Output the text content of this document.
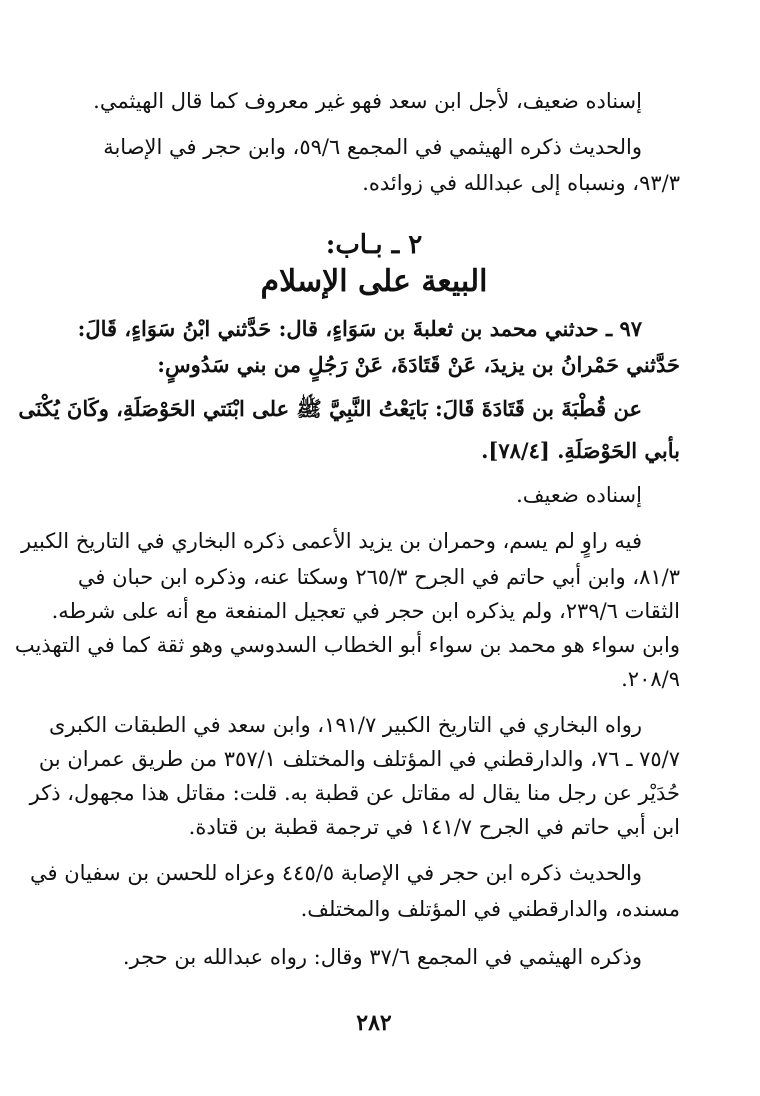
إسناده ضعيف، لأجل ابن سعد فهو غير معروف كما قال الهيثمي.
والحديث ذكره الهيثمي في المجمع ٥٩/٦، وابن حجر في الإصابة
٩٣/٣، ونسباه إلى عبدالله في زوائده.
٢ ـ بـاب:
البيعة على الإسلام
٩٧ ـ حدثني محمد بن ثعلبةَ بن سَوَاءٍ، قال: حَدَّثني ابْنُ سَوَاءٍ، قَالَ:
حَدَّثني حَمْرانُ بن يزيدَ، عَنْ قَتَادَةَ، عَنْ رَجُلٍ من بني سَدُوسٍ:
عن قُطْبَةَ بن قَتَادَةَ قَالَ: بَايَعْتُ النَّبِيَّ ﷺ على ابْنَتي الحَوْصَلَةِ، وكَانَ يُكْنَى
بأبي الحَوْصَلَةِ. [٧٨/٤].
إسناده ضعيف.
فيه راوٍ لم يسم، وحمران بن يزيد الأعمى ذكره البخاري في التاريخ الكبير
٨١/٣، وابن أبي حاتم في الجرح ٢٦٥/٣ وسكتا عنه، وذكره ابن حبان في
الثقات ٢٣٩/٦، ولم يذكره ابن حجر في تعجيل المنفعة مع أنه على شرطه.
وابن سواء هو محمد بن سواء أبو الخطاب السدوسي وهو ثقة كما في التهذيب
٢٠٨/٩.
رواه البخاري في التاريخ الكبير ١٩١/٧، وابن سعد في الطبقات الكبرى
٧٥/٧ ـ ٧٦، والدارقطني في المؤتلف والمختلف ٣٥٧/١ من طريق عمران بن
حُدَيْر عن رجل منا يقال له مقاتل عن قطبة به. قلت: مقاتل هذا مجهول، ذكر
ابن أبي حاتم في الجرح ١٤١/٧ في ترجمة قطبة بن قتادة.
والحديث ذكره ابن حجر في الإصابة ٤٤٥/٥ وعزاه للحسن بن سفيان في
مسنده، والدارقطني في المؤتلف والمختلف.
وذكره الهيثمي في المجمع ٣٧/٦ وقال: رواه عبدالله بن حجر.
٢٨٢
